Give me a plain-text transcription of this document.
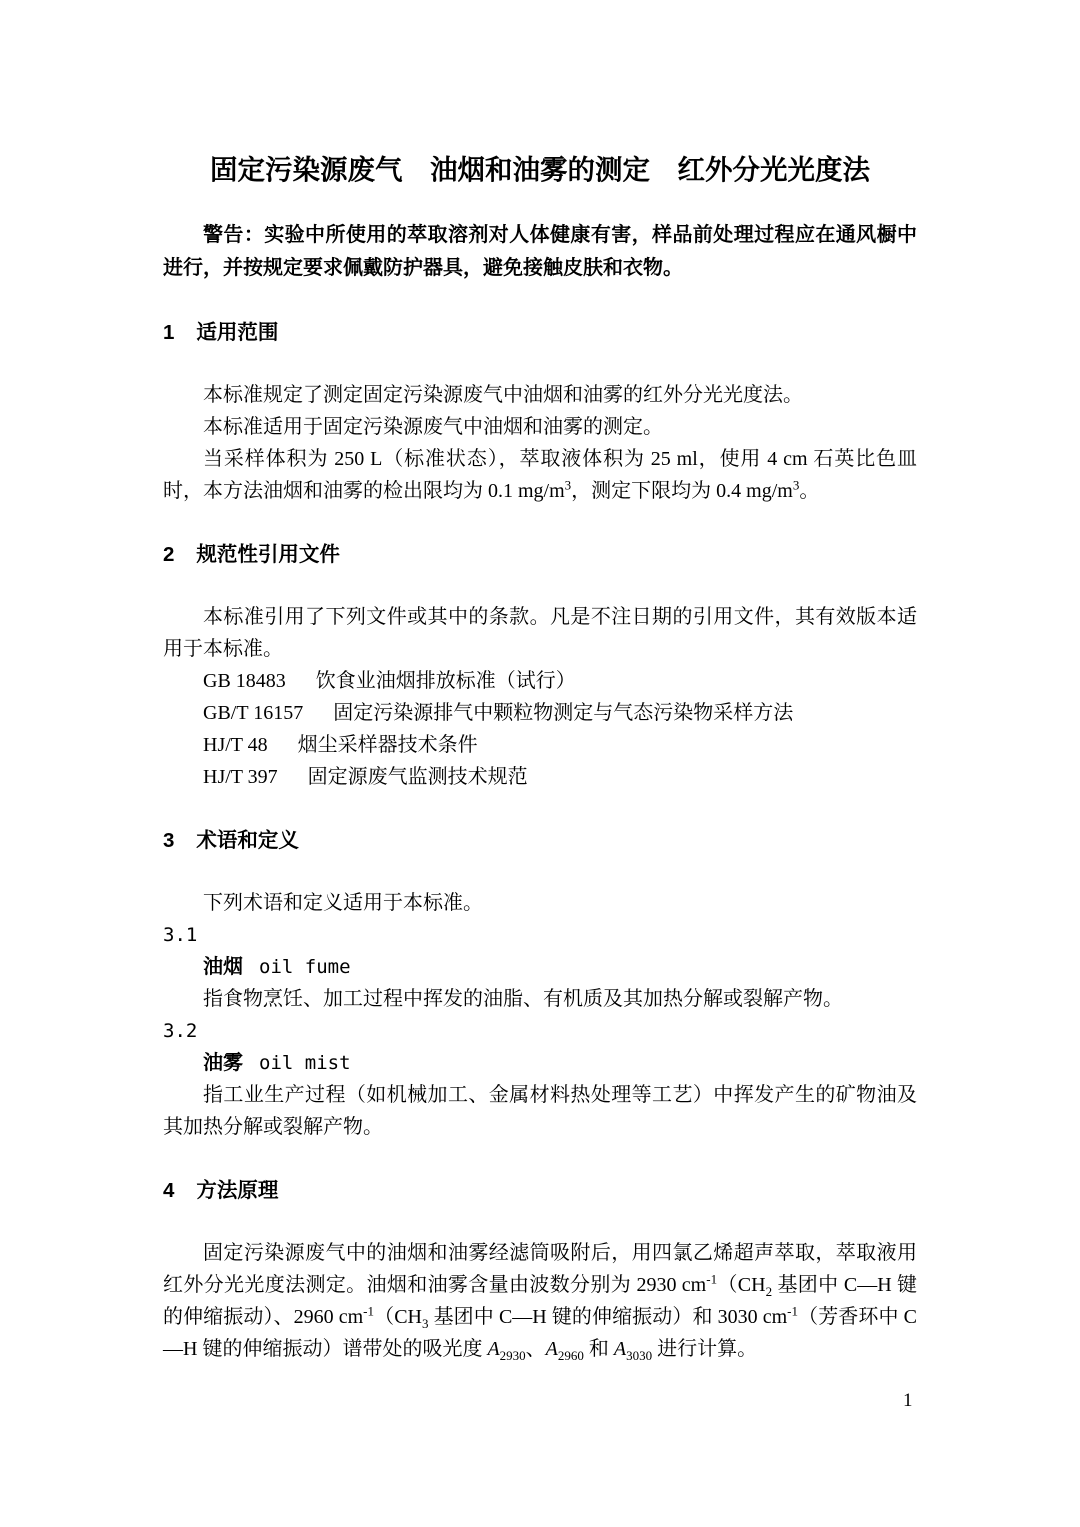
固定污染源废气　油烟和油雾的测定　红外分光光度法

警告：实验中所使用的萃取溶剂对人体健康有害，样品前处理过程应在通风橱中进行，并按规定要求佩戴防护器具，避免接触皮肤和衣物。

1 适用范围

本标准规定了测定固定污染源废气中油烟和油雾的红外分光光度法。

本标准适用于固定污染源废气中油烟和油雾的测定。

当采样体积为 250 L（标准状态），萃取液体积为 25 ml，使用 4 cm 石英比色皿时，本方法油烟和油雾的检出限均为 0.1 $mg/m^3$，测定下限均为 0.4 $mg/m^3$。

2 规范性引用文件

本标准引用了下列文件或其中的条款。凡是不注日期的引用文件，其有效版本适用于本标准。

GB 18483 饮食业油烟排放标准（试行）
GB/T 16157 固定污染源排气中颗粒物测定与气态污染物采样方法
HJ/T 48 烟尘采样器技术条件
HJ/T 397 固定源废气监测技术规范
3 术语和定义

下列术语和定义适用于本标准。

3.1
油烟 oil fume

指食物烹饪、加工过程中挥发的油脂、有机质及其加热分解或裂解产物。

3.2
油雾 oil mist

指工业生产过程（如机械加工、金属材料热处理等工艺）中挥发产生的矿物油及其加热分解或裂解产物。

4 方法原理

固定污染源废气中的油烟和油雾经滤筒吸附后，用四氯乙烯超声萃取，萃取液用红外分光光度法测定。油烟和油雾含量由波数分别为 2930 $cm^{-1}(CH_2$ 基团中 C—H 键的伸缩振动）、2960 $cm^{-1}(CH_3$ 基团中 C—H 键的伸缩振动）和 3030 $cm^{-1}$（芳香环中 C—H 键的伸缩振动）谱带处的吸光度 $A_{2930}$、$A_{2960}$ 和 $A_{3030}$ 进行计算。

1
